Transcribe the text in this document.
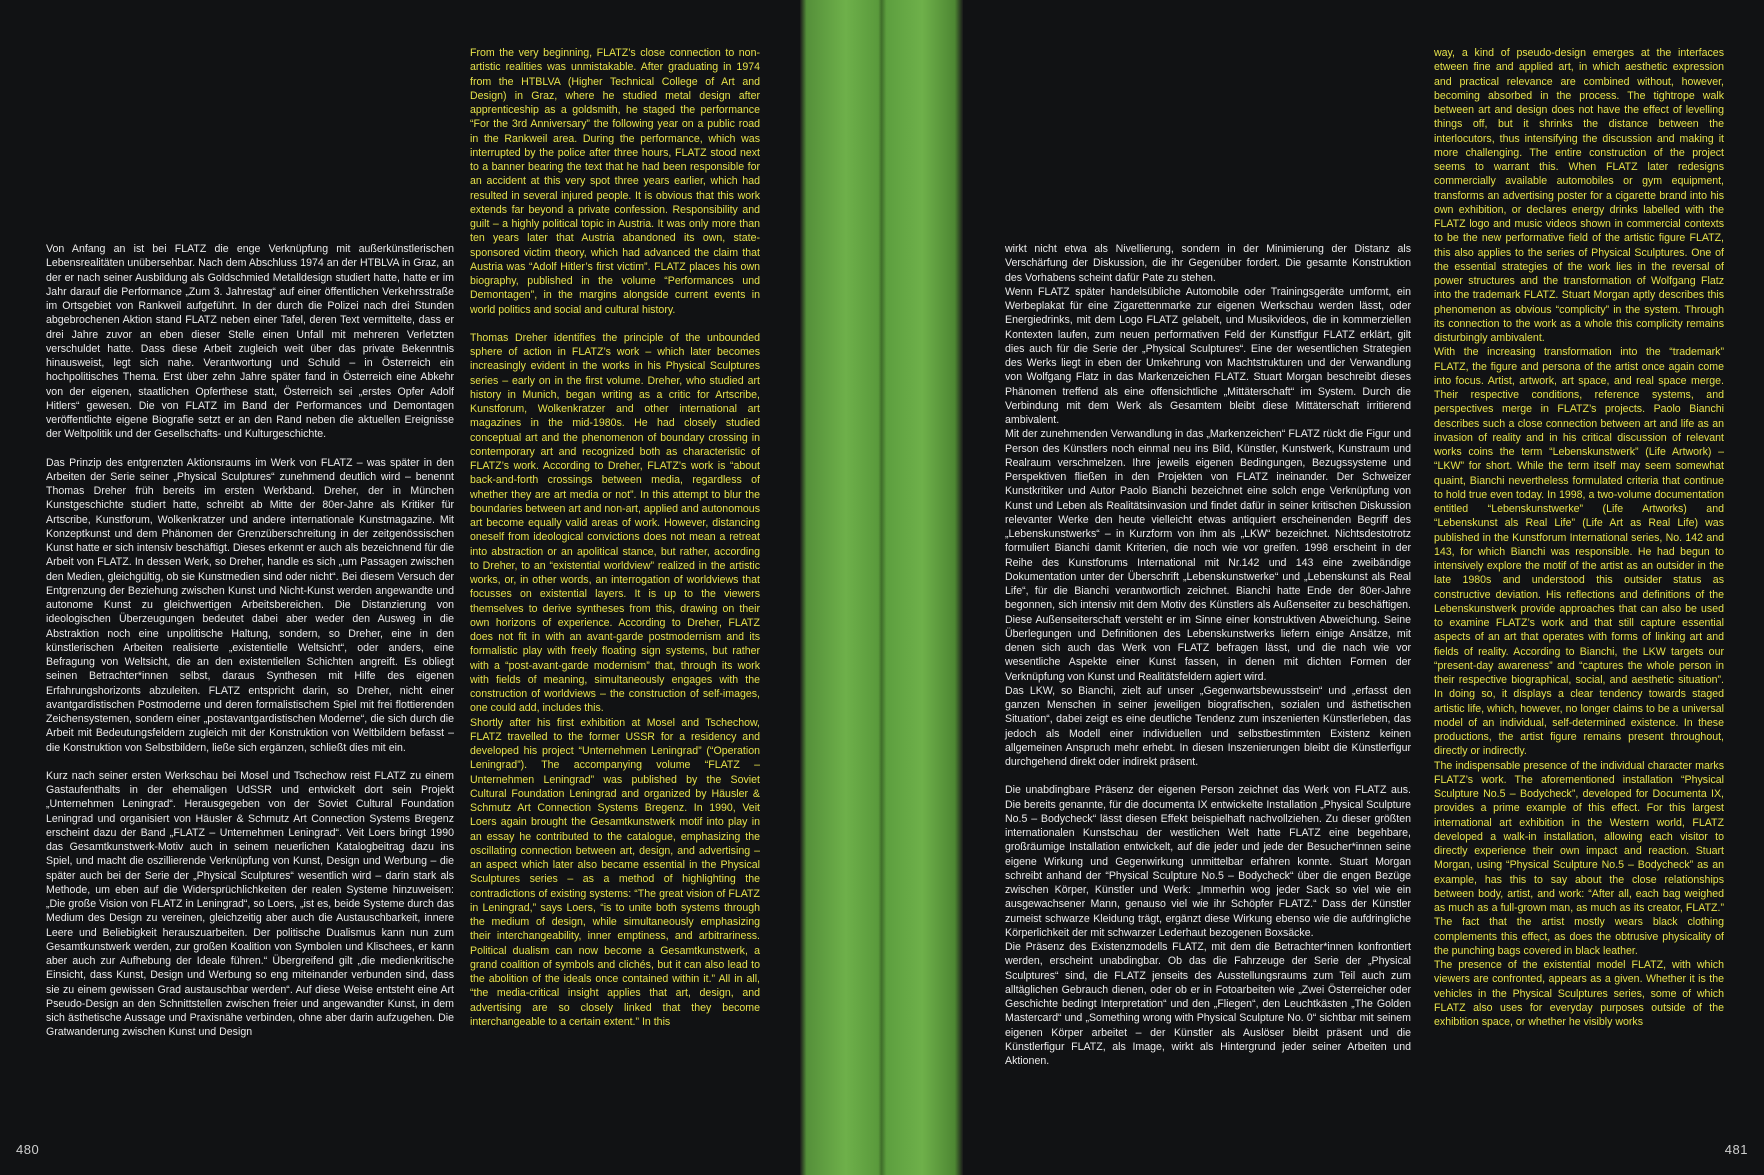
Von Anfang an ist bei FLATZ die enge Verknüpfung mit außerkünstlerischen Lebensrealitäten unübersehbar. Nach dem Abschluss 1974 an der HTBLVA in Graz, an der er nach seiner Ausbildung als Goldschmied Metalldesign studiert hatte, hatte er im Jahr darauf die Performance „Zum 3. Jahrestag“ auf einer öffentlichen Verkehrsstraße im Ortsgebiet von Rankweil aufgeführt. In der durch die Polizei nach drei Stunden abgebrochenen Aktion stand FLATZ neben einer Tafel, deren Text vermittelte, dass er drei Jahre zuvor an eben dieser Stelle einen Unfall mit mehreren Verletzten verschuldet hatte. Dass diese Arbeit zugleich weit über das private Bekenntnis hinausweist, legt sich nahe. Verantwortung und Schuld – in Österreich ein hochpolitisches Thema. Erst über zehn Jahre später fand in Österreich eine Abkehr von der eigenen, staatlichen Opferthese statt, Österreich sei „erstes Opfer Adolf Hitlers“ gewesen. Die von FLATZ im Band der Performances und Demontagen veröffentlichte eigene Biografie setzt er an den Rand neben die aktuellen Ereignisse der Weltpolitik und der Gesellschafts- und Kulturgeschichte.

Das Prinzip des entgrenzten Aktionsraums im Werk von FLATZ – was später in den Arbeiten der Serie seiner „Physical Sculptures“ zunehmend deutlich wird – benennt Thomas Dreher früh bereits im ersten Werkband. Dreher, der in München Kunstgeschichte studiert hatte, schreibt ab Mitte der 80er-Jahre als Kritiker für Artscribe, Kunstforum, Wolkenkratzer und andere internationale Kunstmagazine. Mit Konzeptkunst und dem Phänomen der Grenzüberschreitung in der zeitgenössischen Kunst hatte er sich intensiv beschäftigt. Dieses erkennt er auch als bezeichnend für die Arbeit von FLATZ. In dessen Werk, so Dreher, handle es sich „um Passagen zwischen den Medien, gleichgültig, ob sie Kunstmedien sind oder nicht“. Bei diesem Versuch der Entgrenzung der Beziehung zwischen Kunst und Nicht-Kunst werden angewandte und autonome Kunst zu gleichwertigen Arbeitsbereichen. Die Distanzierung von ideologischen Überzeugungen bedeutet dabei aber weder den Ausweg in die Abstraktion noch eine unpolitische Haltung, sondern, so Dreher, eine in den künstlerischen Arbeiten realisierte „existentielle Weltsicht“, oder anders, eine Befragung von Weltsicht, die an den existentiellen Schichten angreift. Es obliegt seinen Betrachter*innen selbst, daraus Synthesen mit Hilfe des eigenen Erfahrungshorizonts abzuleiten. FLATZ entspricht darin, so Dreher, nicht einer avantgardistischen Postmoderne und deren formalistischem Spiel mit frei flottierenden Zeichensystemen, sondern einer „postavantgardistischen Moderne“, die sich durch die Arbeit mit Bedeutungsfeldern zugleich mit der Konstruktion von Weltbildern befasst – die Konstruktion von Selbstbildern, ließe sich ergänzen, schließt dies mit ein.

Kurz nach seiner ersten Werkschau bei Mosel und Tschechow reist FLATZ zu einem Gastaufenthalts in der ehemaligen UdSSR und entwickelt dort sein Projekt „Unternehmen Leningrad“. Herausgegeben von der Soviet Cultural Foundation Leningrad und organisiert von Häusler & Schmutz Art Connection Systems Bregenz erscheint dazu der Band „FLATZ – Unternehmen Leningrad“. Veit Loers bringt 1990 das Gesamtkunstwerk-Motiv auch in seinem neuerlichen Katalogbeitrag dazu ins Spiel, und macht die oszillierende Verknüpfung von Kunst, Design und Werbung – die später auch bei der Serie der „Physical Sculptures“ wesentlich wird – darin stark als Methode, um eben auf die Widersprüchlichkeiten der realen Systeme hinzuweisen: „Die große Vision von FLATZ in Leningrad“, so Loers, „ist es, beide Systeme durch das Medium des Design zu vereinen, gleichzeitig aber auch die Austauschbarkeit, innere Leere und Beliebigkeit herauszuarbeiten. Der politische Dualismus kann nun zum Gesamtkunstwerk werden, zur großen Koalition von Symbolen und Klischees, er kann aber auch zur Aufhebung der Ideale führen.“ Übergreifend gilt „die medienkritische Einsicht, dass Kunst, Design und Werbung so eng miteinander verbunden sind, dass sie zu einem gewissen Grad austauschbar werden“. Auf diese Weise entsteht eine Art Pseudo-Design an den Schnittstellen zwischen freier und angewandter Kunst, in dem sich ästhetische Aussage und Praxisnähe verbinden, ohne aber darin aufzugehen. Die Gratwanderung zwischen Kunst und Design

From the very beginning, FLATZ’s close connection to non-artistic realities was unmistakable. After graduating in 1974 from the HTBLVA (Higher Technical College of Art and Design) in Graz, where he studied metal design after apprenticeship as a goldsmith, he staged the performance “For the 3rd Anniversary” the following year on a public road in the Rankweil area. During the performance, which was interrupted by the police after three hours, FLATZ stood next to a banner bearing the text that he had been responsible for an accident at this very spot three years earlier, which had resulted in several injured people. It is obvious that this work extends far beyond a private confession. Responsibility and guilt – a highly political topic in Austria. It was only more than ten years later that Austria abandoned its own, state-sponsored victim theory, which had advanced the claim that Austria was “Adolf Hitler’s first victim”. FLATZ places his own biography, published in the volume “Performances und Demontagen”, in the margins alongside current events in world politics and social and cultural history.

Thomas Dreher identifies the principle of the unbounded sphere of action in FLATZ’s work – which later becomes increasingly evident in the works in his Physical Sculptures series – early on in the first volume. Dreher, who studied art history in Munich, began writing as a critic for Artscribe, Kunstforum, Wolkenkratzer and other international art magazines in the mid-1980s. He had closely studied conceptual art and the phenomenon of boundary crossing in contemporary art and recognized both as characteristic of FLATZ’s work. According to Dreher, FLATZ’s work is “about back-and-forth crossings between media, regardless of whether they are art media or not”. In this attempt to blur the boundaries between art and non-art, applied and autonomous art become equally valid areas of work. However, distancing oneself from ideological convictions does not mean a retreat into abstraction or an apolitical stance, but rather, according to Dreher, to an “existential worldview” realized in the artistic works, or, in other words, an interrogation of worldviews that focusses on existential layers. It is up to the viewers themselves to derive syntheses from this, drawing on their own horizons of experience. According to Dreher, FLATZ does not fit in with an avant-garde postmodernism and its formalistic play with freely floating sign systems, but rather with a “post-avant-garde modernism” that, through its work with fields of meaning, simultaneously engages with the construction of worldviews – the construction of self-images, one could add, includes this.

Shortly after his first exhibition at Mosel and Tschechow, FLATZ travelled to the former USSR for a residency and developed his project “Unternehmen Leningrad” (“Operation Leningrad”). The accompanying volume “FLATZ – Unternehmen Leningrad” was published by the Soviet Cultural Foundation Leningrad and organized by Häusler & Schmutz Art Connection Systems Bregenz. In 1990, Veit Loers again brought the Gesamtkunstwerk motif into play in an essay he contributed to the catalogue, emphasizing the oscillating connection between art, design, and advertising – an aspect which later also became essential in the Physical Sculptures series – as a method of highlighting the contradictions of existing systems: “The great vision of FLATZ in Leningrad,” says Loers, “is to unite both systems through the medium of design, while simultaneously emphasizing their interchangeability, inner emptiness, and arbitrariness. Political dualism can now become a Gesamtkunstwerk, a grand coalition of symbols and clichés, but it can also lead to the abolition of the ideals once contained within it.” All in all, “the media-critical insight applies that art, design, and advertising are so closely linked that they become interchangeable to a certain extent.” In this

480

wirkt nicht etwa als Nivellierung, sondern in der Minimierung der Distanz als Verschärfung der Diskussion, die ihr Gegenüber fordert. Die gesamte Konstruktion des Vorhabens scheint dafür Pate zu stehen.

Wenn FLATZ später handelsübliche Automobile oder Trainingsgeräte umformt, ein Werbeplakat für eine Zigarettenmarke zur eigenen Werkschau werden lässt, oder Energiedrinks, mit dem Logo FLATZ gelabelt, und Musikvideos, die in kommerziellen Kontexten laufen, zum neuen performativen Feld der Kunstfigur FLATZ erklärt, gilt dies auch für die Serie der „Physical Sculptures“. Eine der wesentlichen Strategien des Werks liegt in eben der Umkehrung von Machtstrukturen und der Verwandlung von Wolfgang Flatz in das Markenzeichen FLATZ. Stuart Morgan beschreibt dieses Phänomen treffend als eine offensichtliche „Mittäterschaft“ im System. Durch die Verbindung mit dem Werk als Gesamtem bleibt diese Mittäterschaft irritierend ambivalent.

Mit der zunehmenden Verwandlung in das „Markenzeichen“ FLATZ rückt die Figur und Person des Künstlers noch einmal neu ins Bild, Künstler, Kunstwerk, Kunstraum und Realraum verschmelzen. Ihre jeweils eigenen Bedingungen, Bezugssysteme und Perspektiven fließen in den Projekten von FLATZ ineinander. Der Schweizer Kunstkritiker und Autor Paolo Bianchi bezeichnet eine solch enge Verknüpfung von Kunst und Leben als Realitätsinvasion und findet dafür in seiner kritischen Diskussion relevanter Werke den heute vielleicht etwas antiquiert erscheinenden Begriff des „Lebenskunstwerks“ – in Kurzform von ihm als „LKW“ bezeichnet. Nichtsdestotrotz formuliert Bianchi damit Kriterien, die noch wie vor greifen. 1998 erscheint in der Reihe des Kunstforums International mit Nr.142 und 143 eine zweibändige Dokumentation unter der Überschrift „Lebenskunstwerke“ und „Lebenskunst als Real Life“, für die Bianchi verantwortlich zeichnet. Bianchi hatte Ende der 80er-Jahre begonnen, sich intensiv mit dem Motiv des Künstlers als Außenseiter zu beschäftigen. Diese Außenseiterschaft versteht er im Sinne einer konstruktiven Abweichung. Seine Überlegungen und Definitionen des Lebenskunstwerks liefern einige Ansätze, mit denen sich auch das Werk von FLATZ befragen lässt, und die nach wie vor wesentliche Aspekte einer Kunst fassen, in denen mit dichten Formen der Verknüpfung von Kunst und Realitätsfeldern agiert wird.

Das LKW, so Bianchi, zielt auf unser „Gegenwartsbewusstsein“ und „erfasst den ganzen Menschen in seiner jeweiligen biografischen, sozialen und ästhetischen Situation“, dabei zeigt es eine deutliche Tendenz zum inszenierten Künstlerleben, das jedoch als Modell einer individuellen und selbstbestimmten Existenz keinen allgemeinen Anspruch mehr erhebt. In diesen Inszenierungen bleibt die Künstlerfigur durchgehend direkt oder indirekt präsent.

Die unabdingbare Präsenz der eigenen Person zeichnet das Werk von FLATZ aus. Die bereits genannte, für die documenta IX entwickelte Installation „Physical Sculpture No.5 – Bodycheck“ lässt diesen Effekt beispielhaft nachvollziehen. Zu dieser größten internationalen Kunstschau der westlichen Welt hatte FLATZ eine begehbare, großräumige Installation entwickelt, auf die jeder und jede der Besucher*innen seine eigene Wirkung und Gegenwirkung unmittelbar erfahren konnte. Stuart Morgan schreibt anhand der “Physical Sculpture No.5 – Bodycheck“ über die engen Bezüge zwischen Körper, Künstler und Werk: „Immerhin wog jeder Sack so viel wie ein ausgewachsener Mann, genauso viel wie ihr Schöpfer FLATZ.“ Dass der Künstler zumeist schwarze Kleidung trägt, ergänzt diese Wirkung ebenso wie die aufdringliche Körperlichkeit der mit schwarzer Lederhaut bezogenen Boxsäcke.

Die Präsenz des Existenzmodells FLATZ, mit dem die Betrachter*innen konfrontiert werden, erscheint unabdingbar. Ob das die Fahrzeuge der Serie der „Physical Sculptures“ sind, die FLATZ jenseits des Ausstellungsraums zum Teil auch zum alltäglichen Gebrauch dienen, oder ob er in Fotoarbeiten wie „Zwei Österreicher oder Geschichte bedingt Interpretation“ und den „Fliegen“, den Leuchtkästen „The Golden Mastercard“ und „Something wrong with Physical Sculpture No. 0“ sichtbar mit seinem eigenen Körper arbeitet – der Künstler als Auslöser bleibt präsent und die Künstlerfigur FLATZ, als Image, wirkt als Hintergrund jeder seiner Arbeiten und Aktionen.

way, a kind of pseudo-design emerges at the interfaces etween fine and applied art, in which aesthetic expression and practical relevance are combined without, however, becoming absorbed in the process. The tightrope walk between art and design does not have the effect of levelling things off, but it shrinks the distance between the interlocutors, thus intensifying the discussion and making it more challenging. The entire construction of the project seems to warrant this. When FLATZ later redesigns commercially available automobiles or gym equipment, transforms an advertising poster for a cigarette brand into his own exhibition, or declares energy drinks labelled with the FLATZ logo and music videos shown in commercial contexts to be the new performative field of the artistic figure FLATZ, this also applies to the series of Physical Sculptures. One of the essential strategies of the work lies in the reversal of power structures and the transformation of Wolfgang Flatz into the trademark FLATZ. Stuart Morgan aptly describes this phenomenon as obvious “complicity” in the system. Through its connection to the work as a whole this complicity remains disturbingly ambivalent.

With the increasing transformation into the “trademark” FLATZ, the figure and persona of the artist once again come into focus. Artist, artwork, art space, and real space merge. Their respective conditions, reference systems, and perspectives merge in FLATZ’s projects. Paolo Bianchi describes such a close connection between art and life as an invasion of reality and in his critical discussion of relevant works coins the term “Lebenskunstwerk” (Life Artwork) – “LKW” for short. While the term itself may seem somewhat quaint, Bianchi nevertheless formulated criteria that continue to hold true even today. In 1998, a two-volume documentation entitled “Lebenskunstwerke” (Life Artworks) and “Lebenskunst als Real Life” (Life Art as Real Life) was published in the Kunstforum International series, No. 142 and 143, for which Bianchi was responsible. He had begun to intensively explore the motif of the artist as an outsider in the late 1980s and understood this outsider status as constructive deviation. His reflections and definitions of the Lebenskunstwerk provide approaches that can also be used to examine FLATZ’s work and that still capture essential aspects of an art that operates with forms of linking art and fields of reality. According to Bianchi, the LKW targets our “present-day awareness” and “captures the whole person in their respective biographical, social, and aesthetic situation”. In doing so, it displays a clear tendency towards staged artistic life, which, however, no longer claims to be a universal model of an individual, self-determined existence. In these productions, the artist figure remains present throughout, directly or indirectly.

The indispensable presence of the individual character marks FLATZ’s work. The aforementioned installation “Physical Sculpture No.5 – Bodycheck”, developed for Documenta IX, provides a prime example of this effect. For this largest international art exhibition in the Western world, FLATZ developed a walk-in installation, allowing each visitor to directly experience their own impact and reaction. Stuart Morgan, using “Physical Sculpture No.5 – Bodycheck” as an example, has this to say about the close relationships between body, artist, and work: “After all, each bag weighed as much as a full-grown man, as much as its creator, FLATZ.” The fact that the artist mostly wears black clothing complements this effect, as does the obtrusive physicality of the punching bags covered in black leather.

The presence of the existential model FLATZ, with which viewers are confronted, appears as a given. Whether it is the vehicles in the Physical Sculptures series, some of which FLATZ also uses for everyday purposes outside of the exhibition space, or whether he visibly works

481
